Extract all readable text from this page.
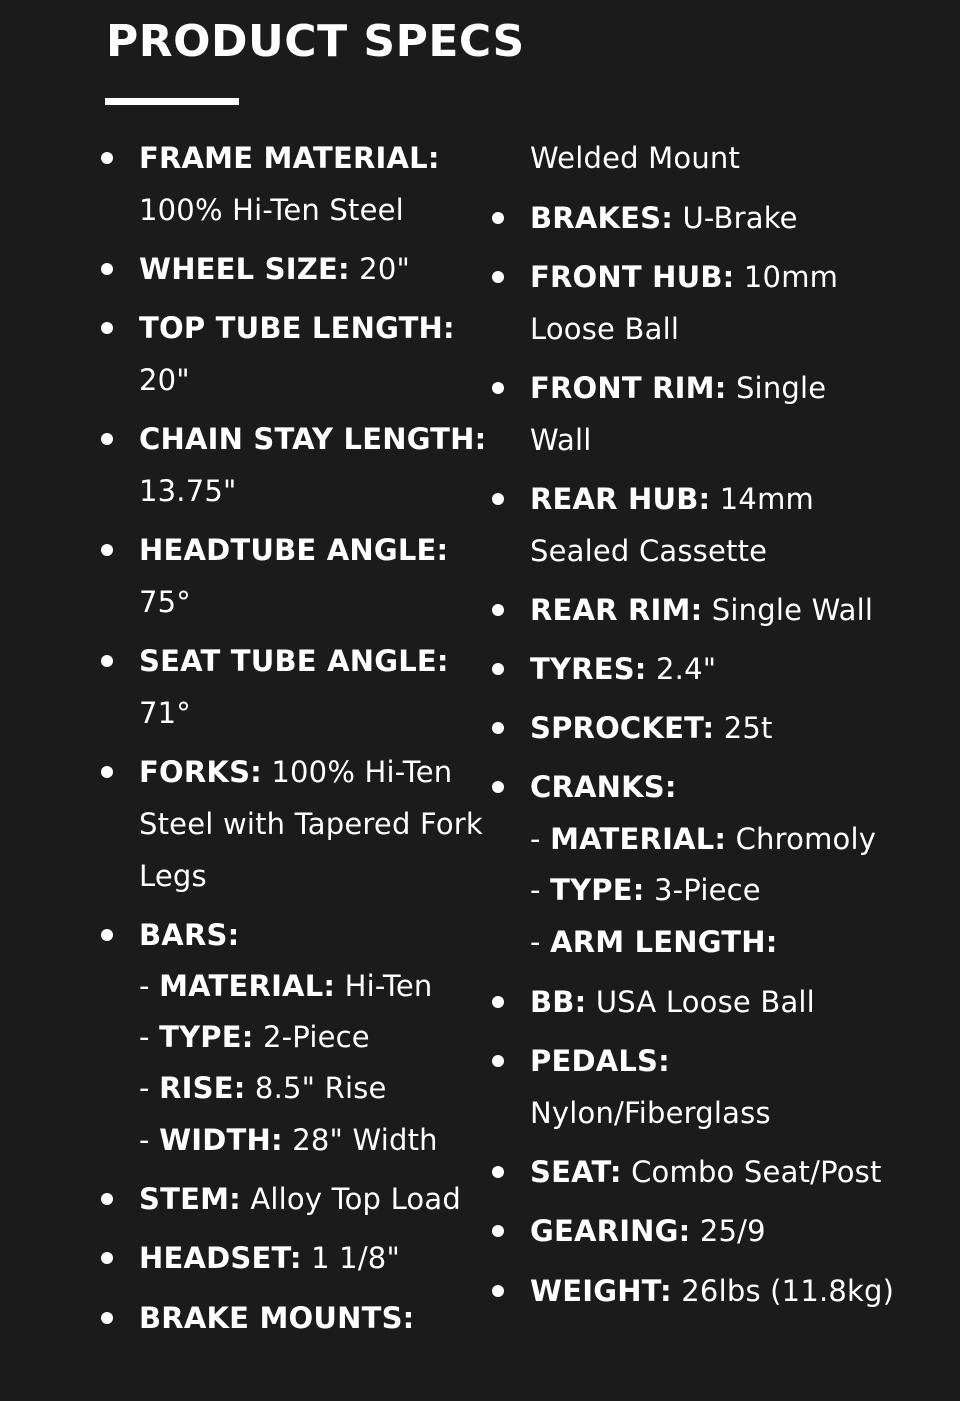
PRODUCT SPECS
FRAME MATERIAL:
100% Hi-Ten Steel
WHEEL SIZE: 20"
TOP TUBE LENGTH:
20"
CHAIN STAY LENGTH:
13.75"
HEADTUBE ANGLE:
75°
SEAT TUBE ANGLE:
71°
FORKS: 100% Hi-Ten
Steel with Tapered Fork
Legs
BARS:
- MATERIAL: Hi-Ten
- TYPE: 2-Piece
- RISE: 8.5" Rise
- WIDTH: 28" Width
STEM: Alloy Top Load
HEADSET: 1 1/8"
BRAKE MOUNTS:
Welded Mount
BRAKES: U-Brake
FRONT HUB: 10mm
Loose Ball
FRONT RIM: Single
Wall
REAR HUB: 14mm
Sealed Cassette
REAR RIM: Single Wall
TYRES: 2.4"
SPROCKET: 25t
CRANKS:
- MATERIAL: Chromoly
- TYPE: 3-Piece
- ARM LENGTH:
BB: USA Loose Ball
PEDALS:
Nylon/Fiberglass
SEAT: Combo Seat/Post
GEARING: 25/9
WEIGHT: 26lbs (11.8kg)
